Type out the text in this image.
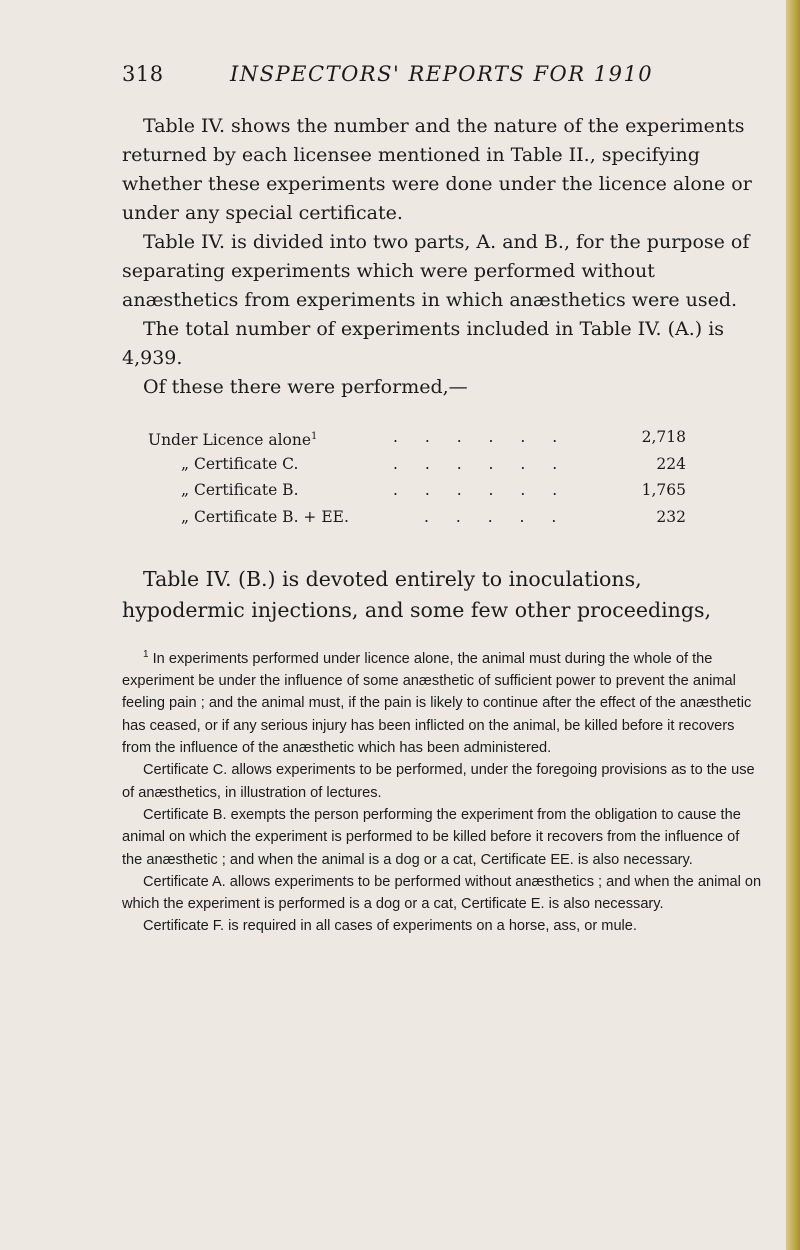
318	INSPECTORS' REPORTS FOR 1910

Table IV. shows the number and the nature of the experiments returned by each licensee mentioned in Table II., specifying whether these experiments were done under the licence alone or under any special certificate.

Table IV. is divided into two parts, A. and B., for the purpose of separating experiments which were performed without anæsthetics from experiments in which anæsthetics were used.

The total number of experiments included in Table IV. (A.) is 4,939.

Of these there were performed,—

Under Licence alone$^1$	. . . . . .	2,718
„ Certificate C.	. . . . . .	224
„ Certificate B.	. . . . . .	1,765
„ Certificate B. + EE.	. . . . .	232

Table IV. (B.) is devoted entirely to inoculations, hypodermic injections, and some few other proceedings,

$^1$ In experiments performed under licence alone, the animal must during the whole of the experiment be under the influence of some anæsthetic of sufficient power to prevent the animal feeling pain ; and the animal must, if the pain is likely to continue after the effect of the anæsthetic has ceased, or if any serious injury has been inflicted on the animal, be killed before it recovers from the influence of the anæsthetic which has been administered.

Certificate C. allows experiments to be performed, under the foregoing provisions as to the use of anæsthetics, in illustration of lectures.

Certificate B. exempts the person performing the experiment from the obligation to cause the animal on which the experiment is performed to be killed before it recovers from the influence of the anæsthetic ; and when the animal is a dog or a cat, Certificate EE. is also necessary.

Certificate A. allows experiments to be performed without anæsthetics ; and when the animal on which the experiment is performed is a dog or a cat, Certificate E. is also necessary.

Certificate F. is required in all cases of experiments on a horse, ass, or mule.
